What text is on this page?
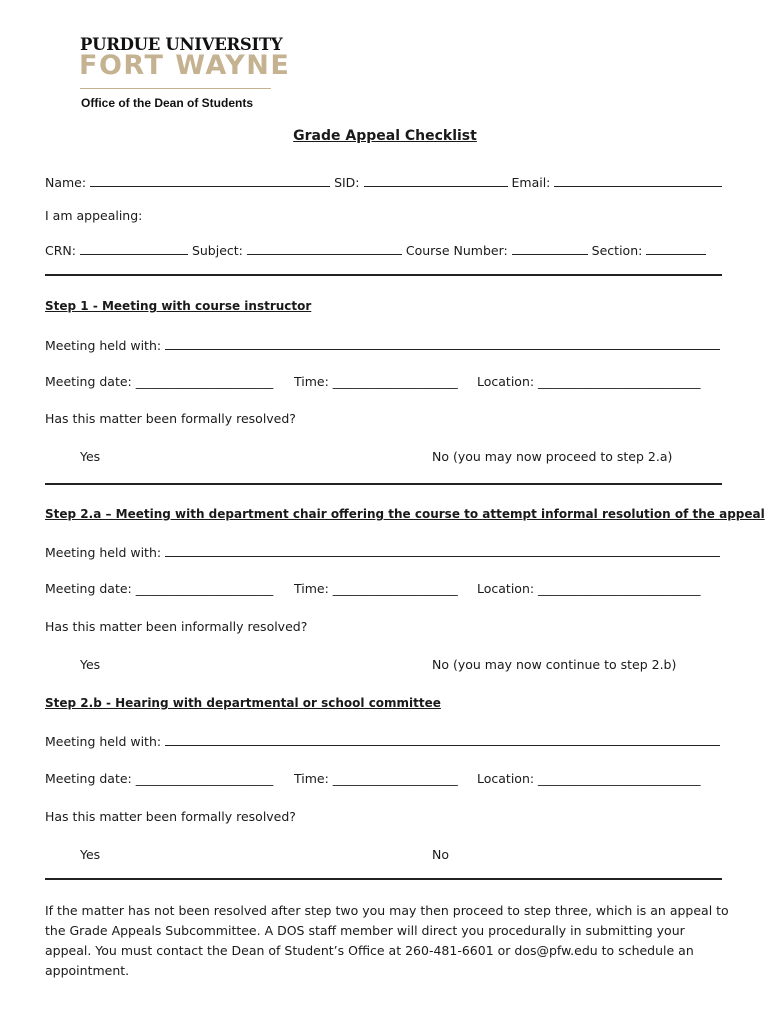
PURDUE UNIVERSITY
FORT WAYNE
Office of the Dean of Students
Grade Appeal Checklist
Name:	SID:	Email:
I am appealing:
CRN:	Subject:	Course Number:	Section:
Step 1 - Meeting with course instructor
Meeting held with:
Meeting date: ______________________ Time: ____________________ Location: __________________________
Has this matter been formally resolved?
Yes	No (you may now proceed to step 2.a)
Step 2.a – Meeting with department chair offering the course to attempt informal resolution of the appeal
Meeting held with:
Meeting date: ______________________ Time: ____________________ Location: __________________________
Has this matter been informally resolved?
Yes	No (you may now continue to step 2.b)
Step 2.b - Hearing with departmental or school committee
Meeting held with:
Meeting date: ______________________ Time: ____________________ Location: __________________________
Has this matter been formally resolved?
Yes	No
If the matter has not been resolved after step two you may then proceed to step three, which is an appeal to the Grade Appeals Subcommittee. A DOS staff member will direct you procedurally in submitting your appeal. You must contact the Dean of Student’s Office at 260-481-6601 or dos@pfw.edu to schedule an appointment.
